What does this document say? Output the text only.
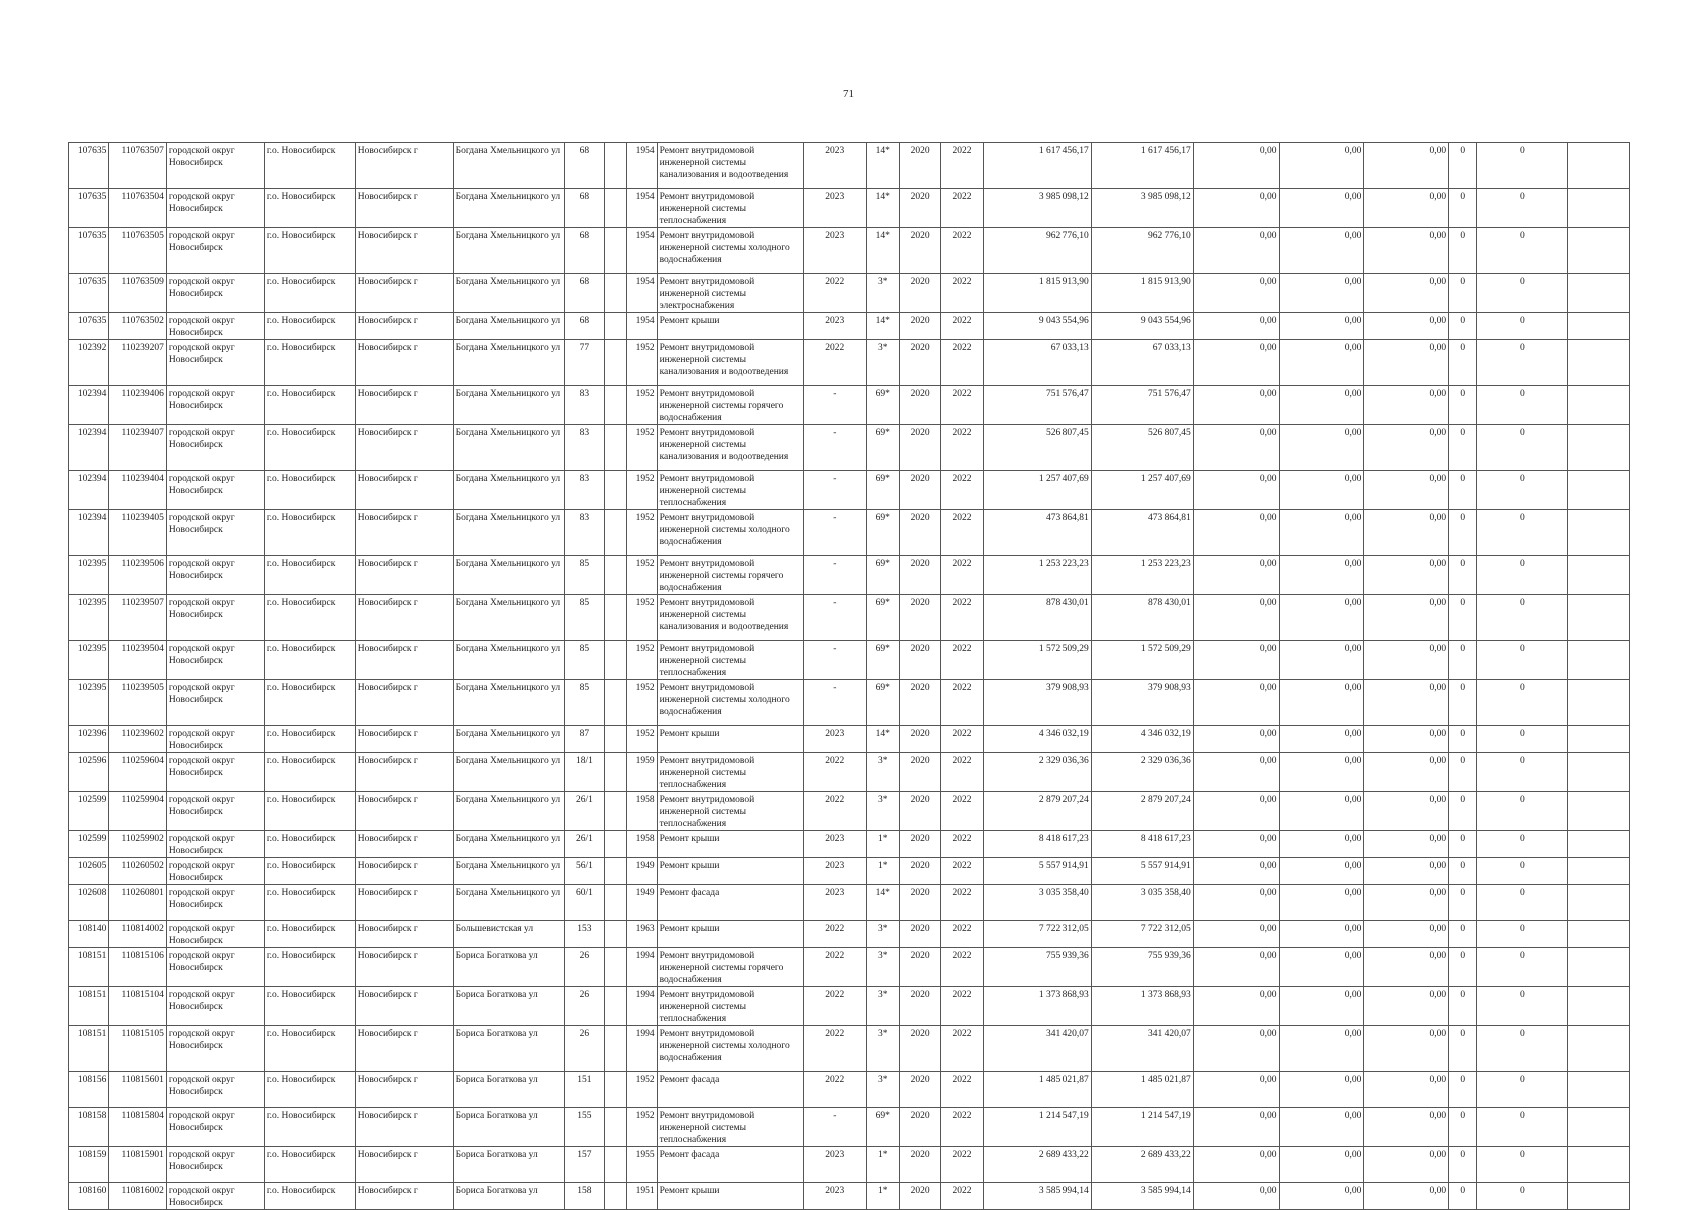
71
107635	110763507	городской округ Новосибирск	г.о. Новосибирск	Новосибирск г	Богдана Хмельницкого ул	68		1954	Ремонт внутридомовой инженерной системы канализования и водоотведения	2023	14*	2020	2022	1 617 456,17	1 617 456,17	0,00	0,00	0,00	0	0	
107635	110763504	городской округ Новосибирск	г.о. Новосибирск	Новосибирск г	Богдана Хмельницкого ул	68		1954	Ремонт внутридомовой инженерной системы теплоснабжения	2023	14*	2020	2022	3 985 098,12	3 985 098,12	0,00	0,00	0,00	0	0	
107635	110763505	городской округ Новосибирск	г.о. Новосибирск	Новосибирск г	Богдана Хмельницкого ул	68		1954	Ремонт внутридомовой инженерной системы холодного водоснабжения	2023	14*	2020	2022	962 776,10	962 776,10	0,00	0,00	0,00	0	0	
107635	110763509	городской округ Новосибирск	г.о. Новосибирск	Новосибирск г	Богдана Хмельницкого ул	68		1954	Ремонт внутридомовой инженерной системы электроснабжения	2022	3*	2020	2022	1 815 913,90	1 815 913,90	0,00	0,00	0,00	0	0	
107635	110763502	городской округ Новосибирск	г.о. Новосибирск	Новосибирск г	Богдана Хмельницкого ул	68		1954	Ремонт крыши	2023	14*	2020	2022	9 043 554,96	9 043 554,96	0,00	0,00	0,00	0	0	
102392	110239207	городской округ Новосибирск	г.о. Новосибирск	Новосибирск г	Богдана Хмельницкого ул	77		1952	Ремонт внутридомовой инженерной системы канализования и водоотведения	2022	3*	2020	2022	67 033,13	67 033,13	0,00	0,00	0,00	0	0	
102394	110239406	городской округ Новосибирск	г.о. Новосибирск	Новосибирск г	Богдана Хмельницкого ул	83		1952	Ремонт внутридомовой инженерной системы горячего водоснабжения	-	69*	2020	2022	751 576,47	751 576,47	0,00	0,00	0,00	0	0	
102394	110239407	городской округ Новосибирск	г.о. Новосибирск	Новосибирск г	Богдана Хмельницкого ул	83		1952	Ремонт внутридомовой инженерной системы канализования и водоотведения	-	69*	2020	2022	526 807,45	526 807,45	0,00	0,00	0,00	0	0	
102394	110239404	городской округ Новосибирск	г.о. Новосибирск	Новосибирск г	Богдана Хмельницкого ул	83		1952	Ремонт внутридомовой инженерной системы теплоснабжения	-	69*	2020	2022	1 257 407,69	1 257 407,69	0,00	0,00	0,00	0	0	
102394	110239405	городской округ Новосибирск	г.о. Новосибирск	Новосибирск г	Богдана Хмельницкого ул	83		1952	Ремонт внутридомовой инженерной системы холодного водоснабжения	-	69*	2020	2022	473 864,81	473 864,81	0,00	0,00	0,00	0	0	
102395	110239506	городской округ Новосибирск	г.о. Новосибирск	Новосибирск г	Богдана Хмельницкого ул	85		1952	Ремонт внутридомовой инженерной системы горячего водоснабжения	-	69*	2020	2022	1 253 223,23	1 253 223,23	0,00	0,00	0,00	0	0	
102395	110239507	городской округ Новосибирск	г.о. Новосибирск	Новосибирск г	Богдана Хмельницкого ул	85		1952	Ремонт внутридомовой инженерной системы канализования и водоотведения	-	69*	2020	2022	878 430,01	878 430,01	0,00	0,00	0,00	0	0	
102395	110239504	городской округ Новосибирск	г.о. Новосибирск	Новосибирск г	Богдана Хмельницкого ул	85		1952	Ремонт внутридомовой инженерной системы теплоснабжения	-	69*	2020	2022	1 572 509,29	1 572 509,29	0,00	0,00	0,00	0	0	
102395	110239505	городской округ Новосибирск	г.о. Новосибирск	Новосибирск г	Богдана Хмельницкого ул	85		1952	Ремонт внутридомовой инженерной системы холодного водоснабжения	-	69*	2020	2022	379 908,93	379 908,93	0,00	0,00	0,00	0	0	
102396	110239602	городской округ Новосибирск	г.о. Новосибирск	Новосибирск г	Богдана Хмельницкого ул	87		1952	Ремонт крыши	2023	14*	2020	2022	4 346 032,19	4 346 032,19	0,00	0,00	0,00	0	0	
102596	110259604	городской округ Новосибирск	г.о. Новосибирск	Новосибирск г	Богдана Хмельницкого ул	18/1		1959	Ремонт внутридомовой инженерной системы теплоснабжения	2022	3*	2020	2022	2 329 036,36	2 329 036,36	0,00	0,00	0,00	0	0	
102599	110259904	городской округ Новосибирск	г.о. Новосибирск	Новосибирск г	Богдана Хмельницкого ул	26/1		1958	Ремонт внутридомовой инженерной системы теплоснабжения	2022	3*	2020	2022	2 879 207,24	2 879 207,24	0,00	0,00	0,00	0	0	
102599	110259902	городской округ Новосибирск	г.о. Новосибирск	Новосибирск г	Богдана Хмельницкого ул	26/1		1958	Ремонт крыши	2023	1*	2020	2022	8 418 617,23	8 418 617,23	0,00	0,00	0,00	0	0	
102605	110260502	городской округ Новосибирск	г.о. Новосибирск	Новосибирск г	Богдана Хмельницкого ул	56/1		1949	Ремонт крыши	2023	1*	2020	2022	5 557 914,91	5 557 914,91	0,00	0,00	0,00	0	0	
102608	110260801	городской округ Новосибирск	г.о. Новосибирск	Новосибирск г	Богдана Хмельницкого ул	60/1		1949	Ремонт фасада	2023	14*	2020	2022	3 035 358,40	3 035 358,40	0,00	0,00	0,00	0	0	
108140	110814002	городской округ Новосибирск	г.о. Новосибирск	Новосибирск г	Большевистская ул	153		1963	Ремонт крыши	2022	3*	2020	2022	7 722 312,05	7 722 312,05	0,00	0,00	0,00	0	0	
108151	110815106	городской округ Новосибирск	г.о. Новосибирск	Новосибирск г	Бориса Богаткова ул	26		1994	Ремонт внутридомовой инженерной системы горячего водоснабжения	2022	3*	2020	2022	755 939,36	755 939,36	0,00	0,00	0,00	0	0	
108151	110815104	городской округ Новосибирск	г.о. Новосибирск	Новосибирск г	Бориса Богаткова ул	26		1994	Ремонт внутридомовой инженерной системы теплоснабжения	2022	3*	2020	2022	1 373 868,93	1 373 868,93	0,00	0,00	0,00	0	0	
108151	110815105	городской округ Новосибирск	г.о. Новосибирск	Новосибирск г	Бориса Богаткова ул	26		1994	Ремонт внутридомовой инженерной системы холодного водоснабжения	2022	3*	2020	2022	341 420,07	341 420,07	0,00	0,00	0,00	0	0	
108156	110815601	городской округ Новосибирск	г.о. Новосибирск	Новосибирск г	Бориса Богаткова ул	151		1952	Ремонт фасада	2022	3*	2020	2022	1 485 021,87	1 485 021,87	0,00	0,00	0,00	0	0	
108158	110815804	городской округ Новосибирск	г.о. Новосибирск	Новосибирск г	Бориса Богаткова ул	155		1952	Ремонт внутридомовой инженерной системы теплоснабжения	-	69*	2020	2022	1 214 547,19	1 214 547,19	0,00	0,00	0,00	0	0	
108159	110815901	городской округ Новосибирск	г.о. Новосибирск	Новосибирск г	Бориса Богаткова ул	157		1955	Ремонт фасада	2023	1*	2020	2022	2 689 433,22	2 689 433,22	0,00	0,00	0,00	0	0	
108160	110816002	городской округ Новосибирск	г.о. Новосибирск	Новосибирск г	Бориса Богаткова ул	158		1951	Ремонт крыши	2023	1*	2020	2022	3 585 994,14	3 585 994,14	0,00	0,00	0,00	0	0	
